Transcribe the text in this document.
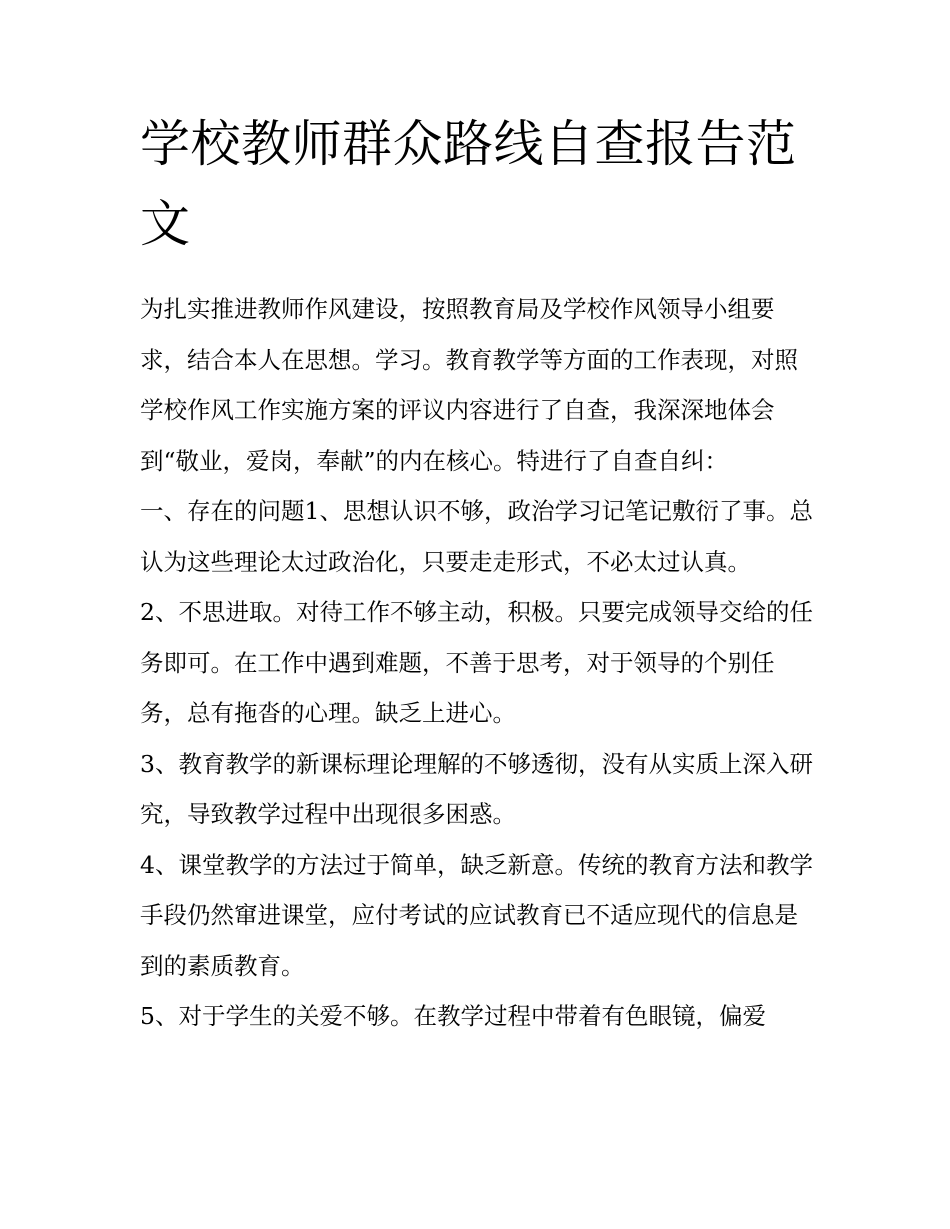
学校教师群众路线自查报告范文

为扎实推进教师作风建设，按照教育局及学校作风领导小组要求，结合本人在思想。学习。教育教学等方面的工作表现，对照学校作风工作实施方案的评议内容进行了自查，我深深地体会到“敬业，爱岗，奉献”的内在核心。特进行了自查自纠：

一、存在的问题1、思想认识不够，政治学习记笔记敷衍了事。总认为这些理论太过政治化，只要走走形式，不必太过认真。

2、不思进取。对待工作不够主动，积极。只要完成领导交给的任务即可。在工作中遇到难题，不善于思考，对于领导的个别任务，总有拖沓的心理。缺乏上进心。

3、教育教学的新课标理论理解的不够透彻，没有从实质上深入研究，导致教学过程中出现很多困惑。

4、课堂教学的方法过于简单，缺乏新意。传统的教育方法和教学手段仍然窜进课堂，应付考试的应试教育已不适应现代的信息是到的素质教育。

5、对于学生的关爱不够。在教学过程中带着有色眼镜，偏爱
